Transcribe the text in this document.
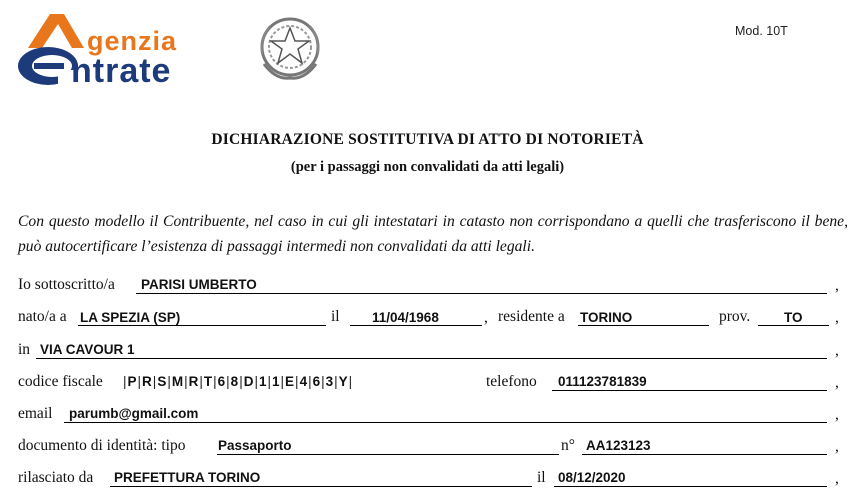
genzia
ntrate
Mod. 10T
DICHIARAZIONE SOSTITUTIVA DI ATTO DI NOTORIETÀ
(per i passaggi non convalidati da atti legali)
Con questo modello il Contribuente, nel caso in cui gli intestatari in catasto non corrispondano a quelli che trasferiscono il bene, può autocertificare l’esistenza di passaggi intermedi non convalidati da atti legali.
Io sottoscritto/a PARISI UMBERTO	,
nato/a a LA SPEZIA (SP)	il 11/04/1968	, residente a TORINO	prov. TO ,
in VIA CAVOUR 1	,
codice fiscale |P|R|S|M|R|T|6|8|D|1|1|E|4|6|3|Y|	telefono 011123781839	,
email parumb@gmail.com	,
documento di identità: tipo Passaporto	n° AA123123	,
rilasciato da PREFETTURA TORINO	il 08/12/2020	,
